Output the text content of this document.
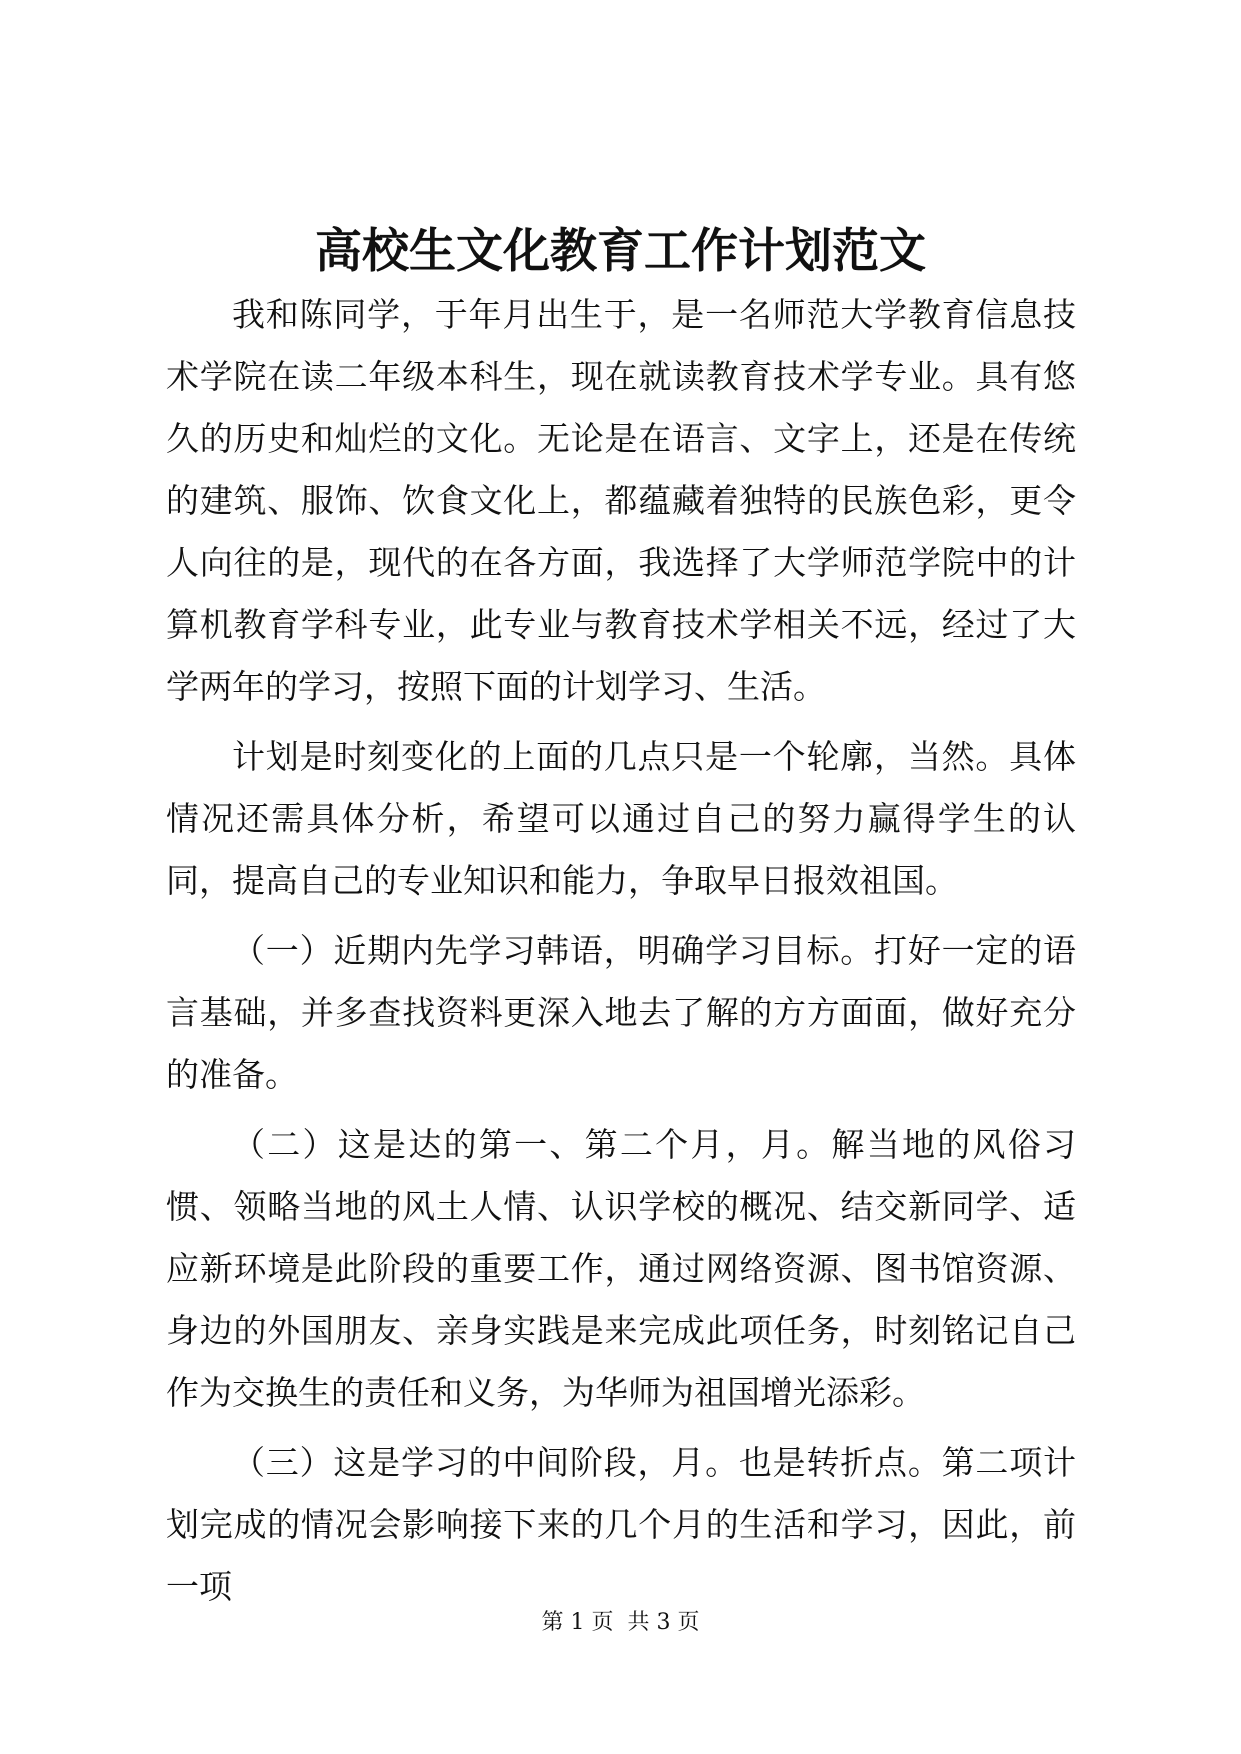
高校生文化教育工作计划范文

我和陈同学，于年月出生于，是一名师范大学教育信息技术学院在读二年级本科生，现在就读教育技术学专业。具有悠久的历史和灿烂的文化。无论是在语言、文字上，还是在传统的建筑、服饰、饮食文化上，都蕴藏着独特的民族色彩，更令人向往的是，现代的在各方面，我选择了大学师范学院中的计算机教育学科专业，此专业与教育技术学相关不远，经过了大学两年的学习，按照下面的计划学习、生活。

计划是时刻变化的上面的几点只是一个轮廓，当然。具体情况还需具体分析，希望可以通过自己的努力赢得学生的认同，提高自己的专业知识和能力，争取早日报效祖国。

（一）近期内先学习韩语，明确学习目标。打好一定的语言基础，并多查找资料更深入地去了解的方方面面，做好充分的准备。

（二）这是达的第一、第二个月，月。解当地的风俗习惯、领略当地的风土人情、认识学校的概况、结交新同学、适应新环境是此阶段的重要工作，通过网络资源、图书馆资源、身边的外国朋友、亲身实践是来完成此项任务，时刻铭记自己作为交换生的责任和义务，为华师为祖国增光添彩。

（三）这是学习的中间阶段，月。也是转折点。第二项计划完成的情况会影响接下来的几个月的生活和学习，因此，前一项

第 1 页 共 3 页
